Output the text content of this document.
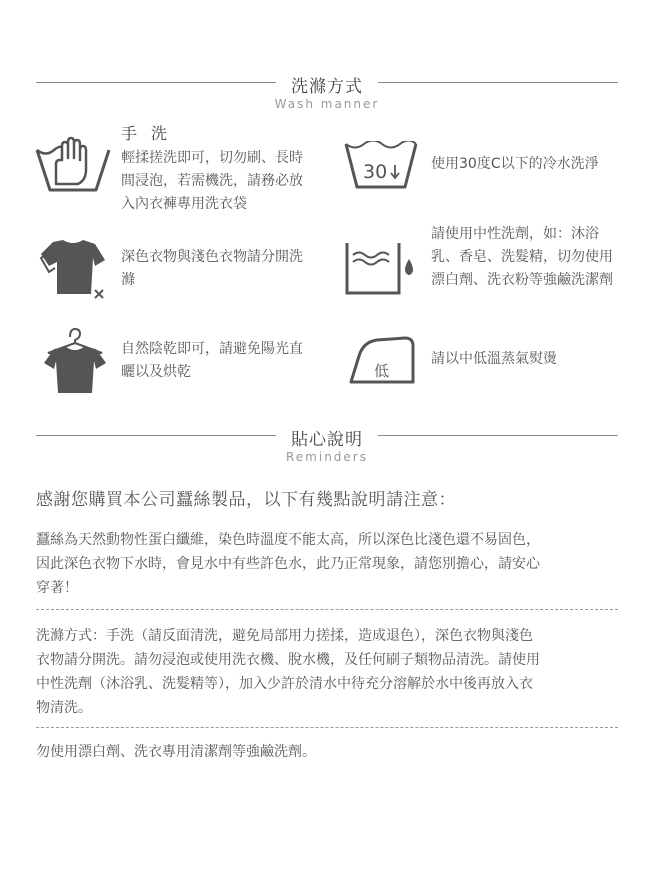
洗滌方式
Wash manner
手洗
輕揉搓洗即可，切勿刷、長時間浸泡，若需機洗，請務必放入內衣褲專用洗衣袋
30	使用30度C以下的冷水洗淨
深色衣物與淺色衣物請分開洗滌
請使用中性洗劑，如：沐浴乳、香皂、洗髮精，切勿使用漂白劑、洗衣粉等強鹼洗潔劑
自然陰乾即可，請避免陽光直曬以及烘乾	低
請以中低溫蒸氣熨燙
貼心說明
Reminders
感謝您購買本公司蠶絲製品，以下有幾點說明請注意：

蠶絲為天然動物性蛋白纖維，染色時溫度不能太高，所以深色比淺色還不易固色，

因此深色衣物下水時，會見水中有些許色水，此乃正常現象，請您別擔心，請安心

穿著！

洗滌方式：手洗（請反面清洗，避免局部用力搓揉，造成退色），深色衣物與淺色

衣物請分開洗。請勿浸泡或使用洗衣機、脫水機，及任何刷子類物品清洗。請使用

中性洗劑（沐浴乳、洗髮精等），加入少許於清水中待充分溶解於水中後再放入衣

物清洗。

勿使用漂白劑、洗衣專用清潔劑等強鹼洗劑。
